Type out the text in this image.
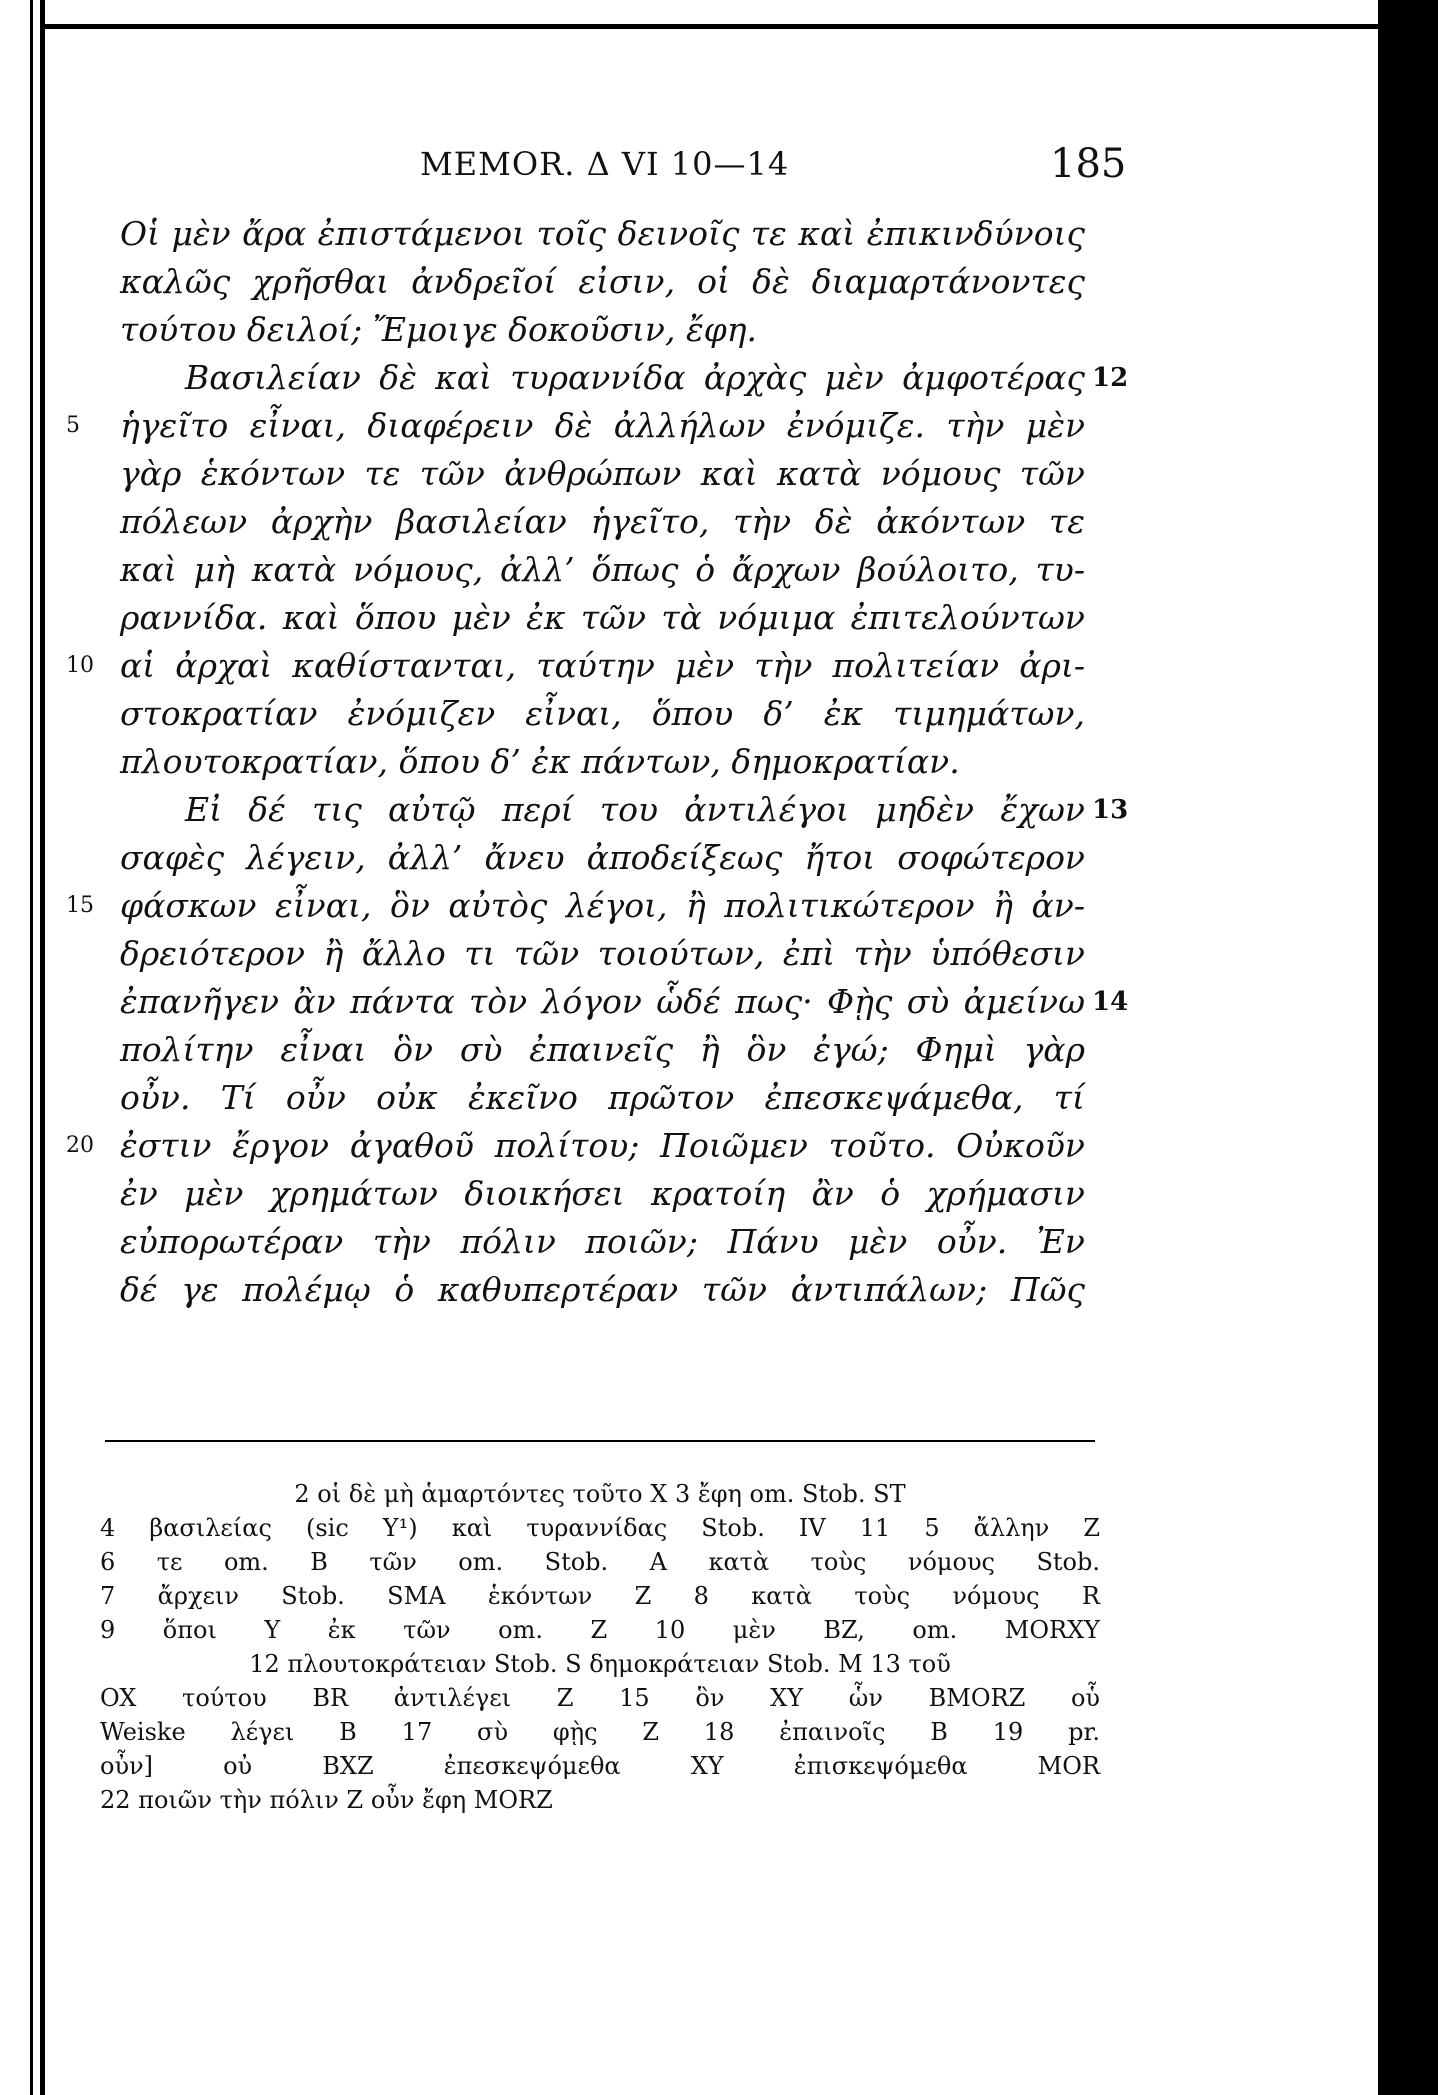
MEMOR. Δ VI 10—14	185
Οἱ μὲν ἄρα ἐπιστάμενοι τοῖς δεινοῖς τε καὶ ἐπικινδύνοις
καλῶς χρῆσθαι ἀνδρεῖοί εἰσιν, οἱ δὲ διαμαρτάνοντες
τούτου δειλοί; Ἔμοιγε δοκοῦσιν, ἔφη.
Βασιλείαν δὲ καὶ τυραννίδα ἀρχὰς μὲν ἀμφοτέρας 12
5	ἡγεῖτο εἶναι, διαφέρειν δὲ ἀλλήλων ἐνόμιζε. τὴν μὲν
γὰρ ἑκόντων τε τῶν ἀνθρώπων καὶ κατὰ νόμους τῶν
πόλεων ἀρχὴν βασιλείαν ἡγεῖτο, τὴν δὲ ἀκόντων τε
καὶ μὴ κατὰ νόμους, ἀλλ’ ὅπως ὁ ἄρχων βούλοιτο, τυ-
ραννίδα. καὶ ὅπου μὲν ἐκ τῶν τὰ νόμιμα ἐπιτελούντων
10 αἱ ἀρχαὶ καθίστανται, ταύτην μὲν τὴν πολιτείαν ἀρι-
στοκρατίαν ἐνόμιζεν εἶναι, ὅπου δ’ ἐκ τιμημάτων,
πλουτοκρατίαν, ὅπου δ’ ἐκ πάντων, δημοκρατίαν.
Εἰ δέ τις αὐτῷ περί του ἀντιλέγοι μηδὲν ἔχων 13
σαφὲς λέγειν, ἀλλ’ ἄνευ ἀποδείξεως ἤτοι σοφώτερον
15 φάσκων εἶναι, ὃν αὐτὸς λέγοι, ἢ πολιτικώτερον ἢ ἀν-
δρειότερον ἢ ἄλλο τι τῶν τοιούτων, ἐπὶ τὴν ὑπόθεσιν
ἐπανῆγεν ἂν πάντα τὸν λόγον ὧδέ πως· Φῂς σὺ ἀμείνω 14
πολίτην εἶναι ὃν σὺ ἐπαινεῖς ἢ ὃν ἐγώ; Φημὶ γὰρ
οὖν. Τί οὖν οὐκ ἐκεῖνο πρῶτον ἐπεσκεψάμεθα, τί
20 ἐστιν ἔργον ἀγαθοῦ πολίτου; Ποιῶμεν τοῦτο. Οὐκοῦν
ἐν μὲν χρημάτων διοικήσει κρατοίη ἂν ὁ χρήμασιν
εὐπορωτέραν τὴν πόλιν ποιῶν; Πάνυ μὲν οὖν. Ἐν
δέ γε πολέμῳ ὁ καθυπερτέραν τῶν ἀντιπάλων; Πῶς
2 οἱ δὲ μὴ ἁμαρτόντες τοῦτο X 3 ἔφη om. Stob. ST
4 βασιλείας (sic Y¹) καὶ τυραννίδας Stob. IV 11 5 ἄλλην Z
6 τε om. B τῶν om. Stob. A κατὰ τοὺς νόμους Stob.
7 ἄρχειν Stob. SMA ἑκόντων Z 8 κατὰ τοὺς νόμους R
9 ὅποι Y ἐκ τῶν om. Z 10 μὲν BZ, om. MORXY
12 πλουτοκράτειαν Stob. S δημοκράτειαν Stob. M 13 τοῦ
OX τούτου BR ἀντιλέγει Z 15 ὃν XY ὧν BMORZ οὗ
Weiske λέγει B 17 σὺ φῂς Z 18 ἐπαινοῖς B 19 pr.
οὖν] οὐ BXZ ἐπεσκεψόμεθα XY ἐπισκεψόμεθα MOR
22 ποιῶν τὴν πόλιν Z οὖν ἔφη MORZ
